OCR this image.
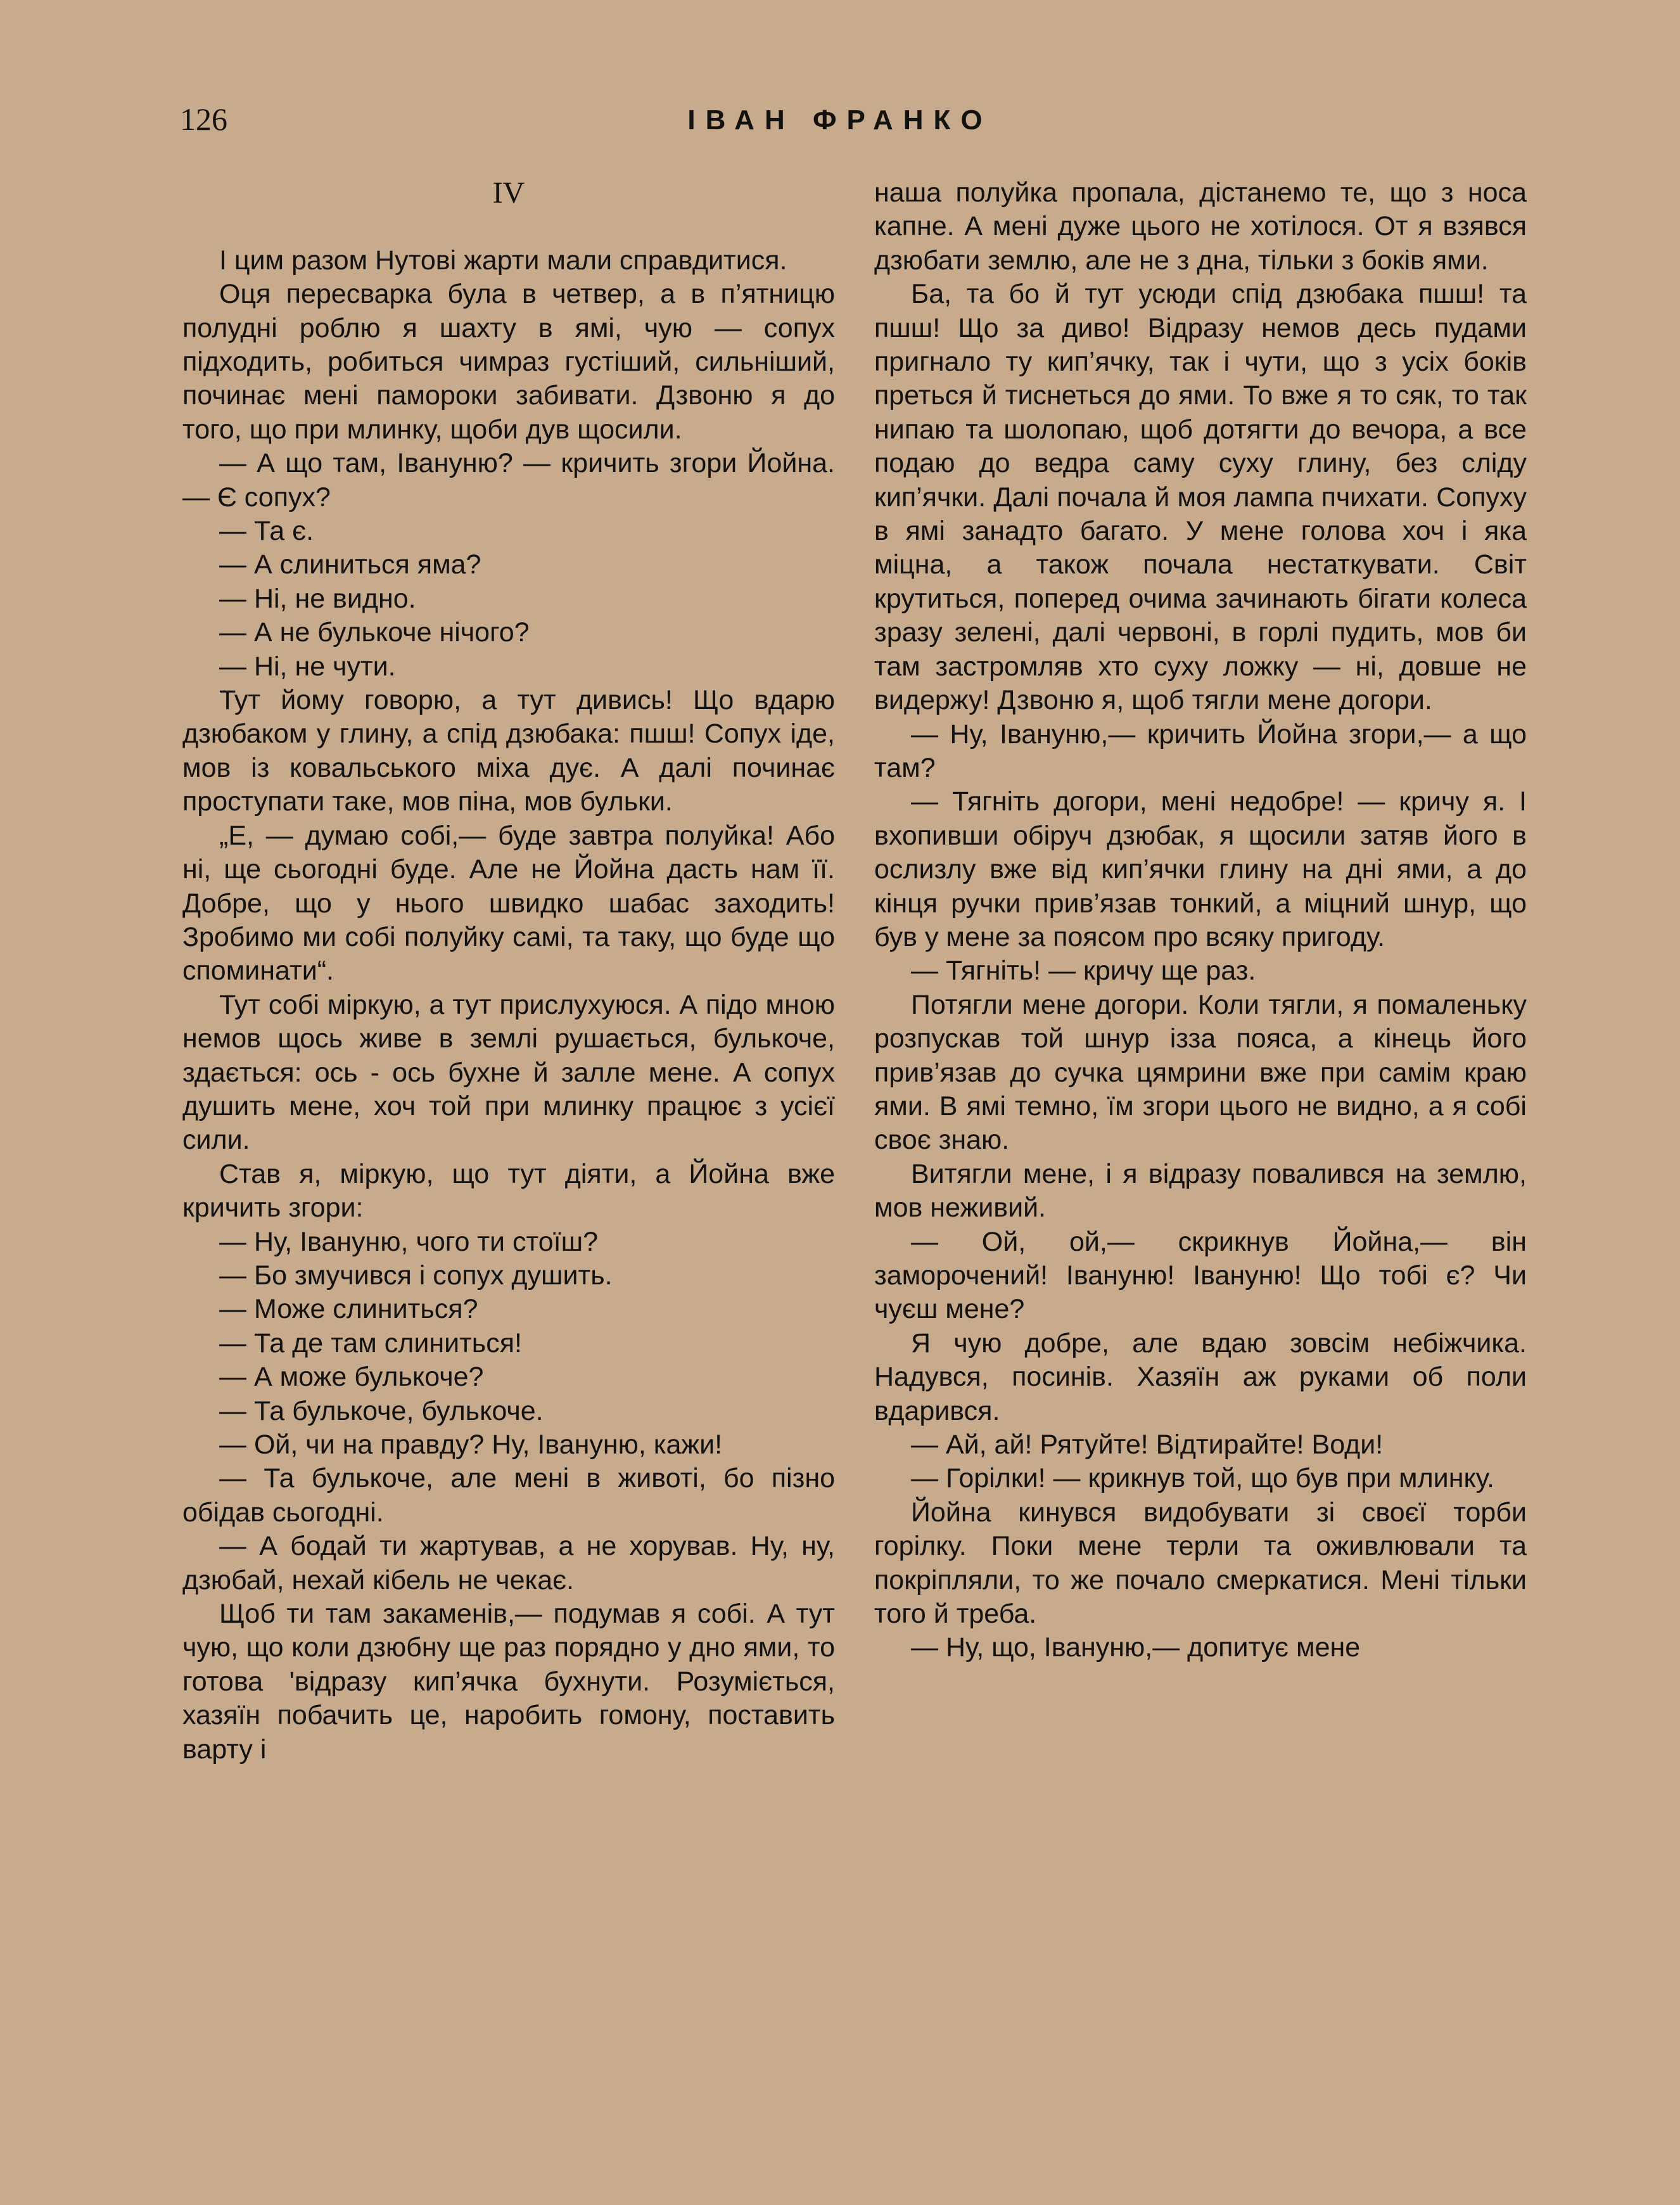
126	ІВАН ФРАНКО
IV

І цим разом Нутові жарти мали справдитися.

Оця пересварка була в четвер, а в п’ятницю полудні роблю я шахту в ямі, чую — сопух підходить, робиться чимраз густіший, сильніший, починає мені паморoки забивати. Дзвоню я до того, що при млинку, щоби дув щосили.

— А що там, Івануню? — кричить згори Йойна.— Є сопух?

— Та є.

— А слиниться яма?

— Ні, не видно.

— А не булькоче нічого?

— Ні, не чути.

Тут йому говорю, а тут дивись! Що вдарю дзюбаком у глину, а спід дзюбака: пшш! Сопух іде, мов із ковальського міха дує. А далі починає проступати таке, мов піна, мов бульки.

„Е, — думаю собі,— буде завтра полуйка! Або ні, ще сьогодні буде. Але не Йойна дасть нам її. Добре, що у нього швидко шабас заходить! Зробимо ми собі полуйку самі, та таку, що буде що споминати“.

Тут собі міркую, а тут прислухуюся. А підо мною немов щось живе в землі рушається, булькоче, здається: ось - ось бухне й залле мене. А сопух душить мене, хоч той при млинку працює з усієї сили.

Став я, міркую, що тут діяти, а Йойна вже кричить згори:

— Ну, Івануню, чого ти стоїш?

— Бо змучився і сопух душить.

— Може слиниться?

— Та де там слиниться!

— А може булькоче?

— Та булькоче, булькоче.

— Ой, чи на правду? Ну, Івануню, кажи!

— Та булькоче, але мені в животі, бо пізно обідав сьогодні.

— А бодай ти жартував, а не хорував. Ну, ну, дзюбай, нехай кібель не чекає.

Щоб ти там закаменів,— подумав я собі. А тут чую, що коли дзюбну ще раз порядно у дно ями, то готова 'відразу кип’ячка бухнути. Розуміється, хазяїн побачить це, наробить гомону, поставить варту і

наша полуйка пропала, дістанемо те, що з носа капне. А мені дуже цього не хотілося. От я взявся дзюбати землю, але не з дна, тільки з боків ями.

Ба, та бо й тут усюди спід дзюбака пшш! та пшш! Що за диво! Відразу немов десь пудами пригнало ту кип’ячку, так і чути, що з усіх боків преться й тиснеться до ями. То вже я то сяк, то так нипаю та шолопаю, щоб дотягти до вечора, а все подаю до ведра саму суху глину, без сліду кип’ячки. Далі почала й моя лампа пчихати. Сопуху в ямі занадто багато. У мене голова хоч і яка міцна, а також почала нестаткувати. Світ крутиться, поперед очима зачинають бігати колеса зразу зелені, далі червоні, в горлі пудить, мов би там застромляв хто суху ложку — ні, довше не видержу! Дзвоню я, щоб тягли мене догори.

— Ну, Івануню,— кричить Йойна згори,— а що там?

— Тягніть догори, мені недобре! — кричу я. І вхопивши обіруч дзюбак, я щосили затяв його в ослизлу вже від кип’ячки глину на дні ями, а до кінця ручки прив’язав тонкий, а міцний шнур, що був у мене за поясом про всяку пригоду.

— Тягніть! — кричу ще раз.

Потягли мене догори. Коли тягли, я помаленьку розпускав той шнур ізза пояса, а кінець його прив’язав до сучка цямрини вже при самім краю ями. В ямі темно, їм згори цього не видно, а я собі своє знаю.

Витягли мене, і я відразу повалився на землю, мов неживий.

— Ой, ой,— скрикнув Йойна,— він заморочений! Івануню! Івануню! Що тобі є? Чи чуєш мене?

Я чую добре, але вдаю зовсім небіжчика. Надувся, посинів. Хазяїн аж руками об поли вдарився.

— Ай, ай! Рятуйте! Відтирайте! Води!

— Горілки! — крикнув той, що був при млинку.

Йойна кинувся видобувати зі своєї торби горілку. Поки мене терли та оживлювали та покріпляли, то же почало смеркатися. Мені тільки того й треба.

— Ну, що, Івануню,— допитує мене
